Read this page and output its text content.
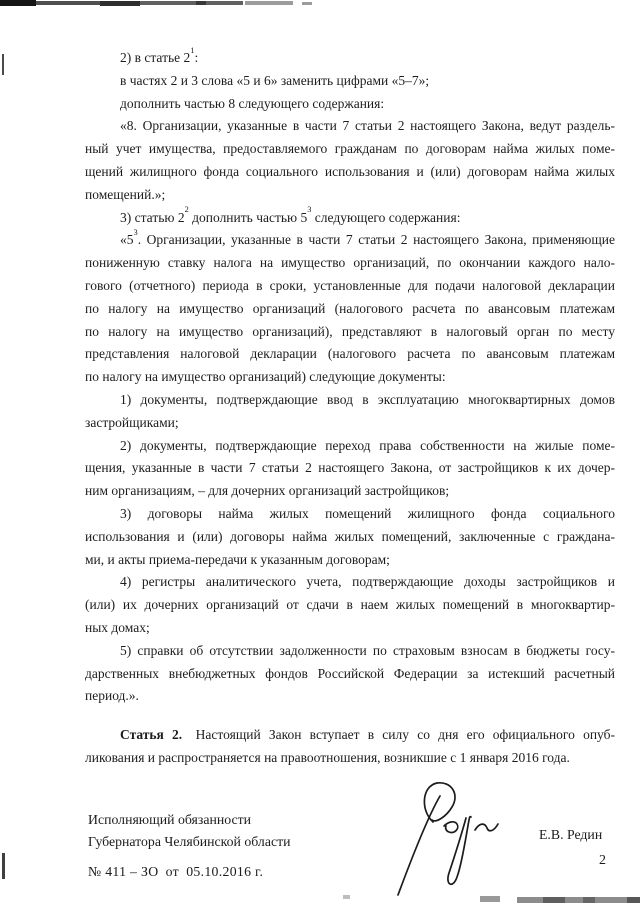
2) в статье $2^1$:
в частях 2 и 3 слова «5 и 6» заменить цифрами «5–7»;
дополнить частью 8 следующего содержания:
«8. Организации, указанные в части 7 статьи 2 настоящего Закона, ведут раздель-
ный учет имущества, предоставляемого гражданам по договорам найма жилых поме-
щений жилищного фонда социального использования и (или) договорам найма жилых
помещений.»;
3) статью $2^2$ дополнить частью $5^3$ следующего содержания:
«$5^3$. Организации, указанные в части 7 статьи 2 настоящего Закона, применяющие
пониженную ставку налога на имущество организаций, по окончании каждого нало-
гового (отчетного) периода в сроки, установленные для подачи налоговой декларации
по налогу на имущество организаций (налогового расчета по авансовым платежам
по налогу на имущество организаций), представляют в налоговый орган по месту
представления налоговой декларации (налогового расчета по авансовым платежам
по налогу на имущество организаций) следующие документы:
1) документы, подтверждающие ввод в эксплуатацию многоквартирных домов
застройщиками;
2) документы, подтверждающие переход права собственности на жилые поме-
щения, указанные в части 7 статьи 2 настоящего Закона, от застройщиков к их дочер-
ним организациям, – для дочерних организаций застройщиков;
3) договоры найма жилых помещений жилищного фонда социального
использования и (или) договоры найма жилых помещений, заключенные с граждана-
ми, и акты приема-передачи к указанным договорам;
4) регистры аналитического учета, подтверждающие доходы застройщиков и
(или) их дочерних организаций от сдачи в наем жилых помещений в многоквартир-
ных домах;
5) справки об отсутствии задолженности по страховым взносам в бюджеты госу-
дарственных внебюджетных фондов Российской Федерации за истекший расчетный
период.».
Статья 2. Настоящий Закон вступает в силу со дня его официального опуб-
ликования и распространяется на правоотношения, возникшие с 1 января 2016 года.
Исполняющий обязанности
Губернатора Челябинской области
№ 411 – ЗО от 05.10.2016 г.
Е.В. Редин
2
